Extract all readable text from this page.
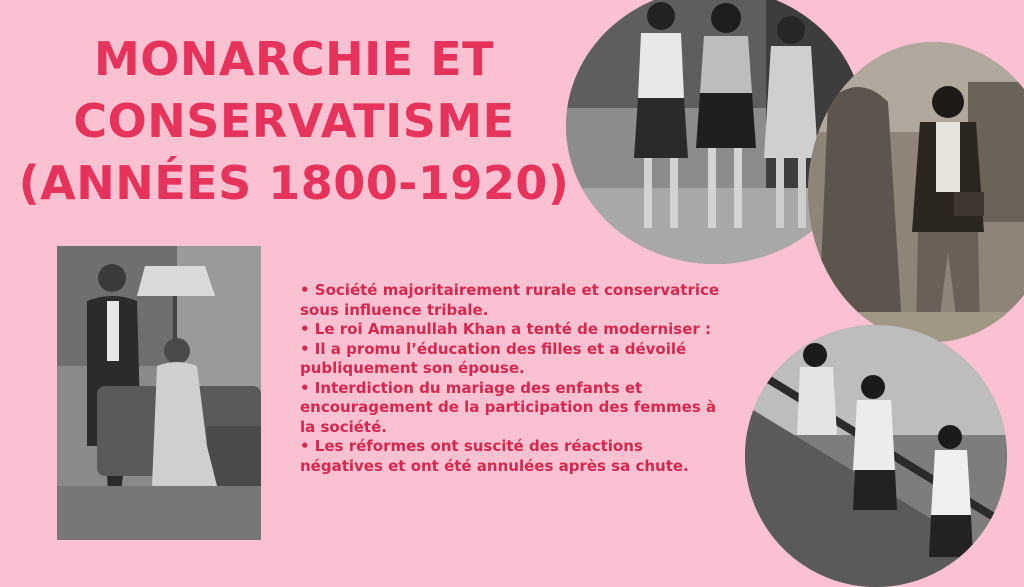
MONARCHIE ET
CONSERVATISME
(ANNÉES 1800-1920)

• Société majoritairement rurale et conservatrice sous influence tribale.

• Le roi Amanullah Khan a tenté de moderniser :

• Il a promu l’éducation des filles et a dévoilé publiquement son épouse.

• Interdiction du mariage des enfants et encouragement de la participation des femmes à la société.

• Les réformes ont suscité des réactions négatives et ont été annulées après sa chute.
